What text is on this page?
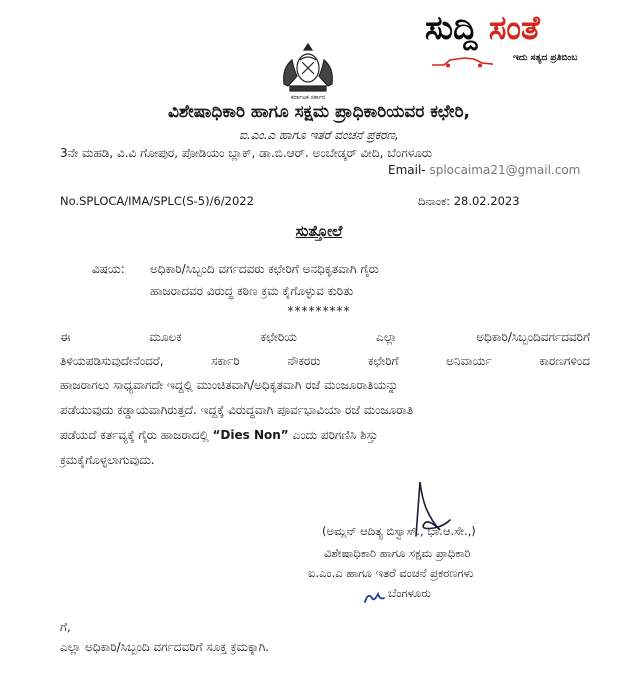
ಸುದ್ದಿ ಸಂತೆ
ಇದು ಸತ್ಯದ ಪ್ರತಿಬಿಂಬ
ಕರ್ನಾಟಕ ಸರ್ಕಾರ
ವಿಶೇಷಾಧಿಕಾರಿ ಹಾಗೂ ಸಕ್ಷಮ ಪ್ರಾಧಿಕಾರಿಯವರ ಕಛೇರಿ,
ಐ.ಎಂ.ಎ ಹಾಗೂ ಇತರೆ ವಂಚನೆ ಪ್ರಕರಣ,
3ನೇ ಮಹಡಿ, ವಿ.ವಿ ಗೋಪುರ, ಪೋಡಿಯಂ ಬ್ಲಾಕ್, ಡಾ.ಬಿ.ಆರ್. ಅಂಬೇಡ್ಕರ್ ವೀದಿ, ಬೆಂಗಳೂರು
Email- splocaima21@gmail.com
No.SPLOCA/IMA/SPLC(S-5)/6/2022	ದಿನಾಂಕ: 28.02.2023
ಸುತ್ತೋಲೆ
ವಿಷಯ: ಅಧಿಕಾರಿ/ಸಿಬ್ಬಂದಿ ವರ್ಗದವರು ಕಛೇರಿಗೆ ಅನಧಿಕೃತವಾಗಿ ಗೈರು
ಹಾಜರಾದವರ ವಿರುದ್ಧ ಕಠಿಣ ಕ್ರಮ ಕೈಗೊಳ್ಳುವ ಕುರಿತು
*********
ಈ	ಮೂಲಕ	ಕಛೇರಿಯ	ಎಲ್ಲಾ	ಅಧಿಕಾರಿ/ಸಿಬ್ಬಂದಿವರ್ಗದವರಿಗೆ
ತಿಳಿಯಪಡಿಸುವುದೇನೆಂದರೆ,	ಸರ್ಕಾರಿ	ನೌಕರರು	ಕಛೇರಿಗೆ	ಅನಿವಾರ್ಯ	ಕಾರಣಗಳಿಂದ
ಹಾಜರಾಗಲು ಸಾಧ್ಯವಾಗದೇ ಇದ್ದಲ್ಲಿ ಮುಂಚಿತವಾಗಿ/ಅಧಿಕೃತವಾಗಿ ರಜೆ ಮಂಜೂರಾತಿಯನ್ನು
ಪಡೆಯುವುದು ಕಡ್ಡಾಯವಾಗಿರುತ್ತದೆ. ಇದ್ದಕ್ಕೆ ವಿರುದ್ಧವಾಗಿ ಪೂರ್ವಭಾವಿಯಾ ರಜೆ ಮಂಜೂರಾತಿ
ಪಡೆಯದೆ ಕರ್ತವ್ಯಕ್ಕೆ ಗೈರು ಹಾಜರಾದಲ್ಲಿ “Dies Non” ಎಂದು ಪರಿಗಣಿಸಿ ಶಿಸ್ತು
ಕ್ರಮಕೈಗೊಳ್ಳಲಾಗುವುದು.
(ಅಮ್ಲನ್ ಆದಿತ್ಯ ಬಿಸ್ವಾಸ್., ಭಾ.ಆ.ಸೇ.,)
ವಿಶೇಷಾಧಿಕಾರಿ ಹಾಗೂ ಸಕ್ಷಮ ಪ್ರಾಧಿಕಾರಿ
ಐ.ಎಂ.ಎ ಹಾಗೂ ಇತರೆ ವಂಚನೆ ಪ್ರಕರಣಗಳು
ಬೆಂಗಳೂರು
ಗೆ,
ಎಲ್ಲಾ ಅಧಿಕಾರಿ/ಸಿಬ್ಬಂದಿ ವರ್ಗದವರಿಗೆ ಸೂಕ್ತ ಕ್ರಮಕ್ಕಾಗಿ.
